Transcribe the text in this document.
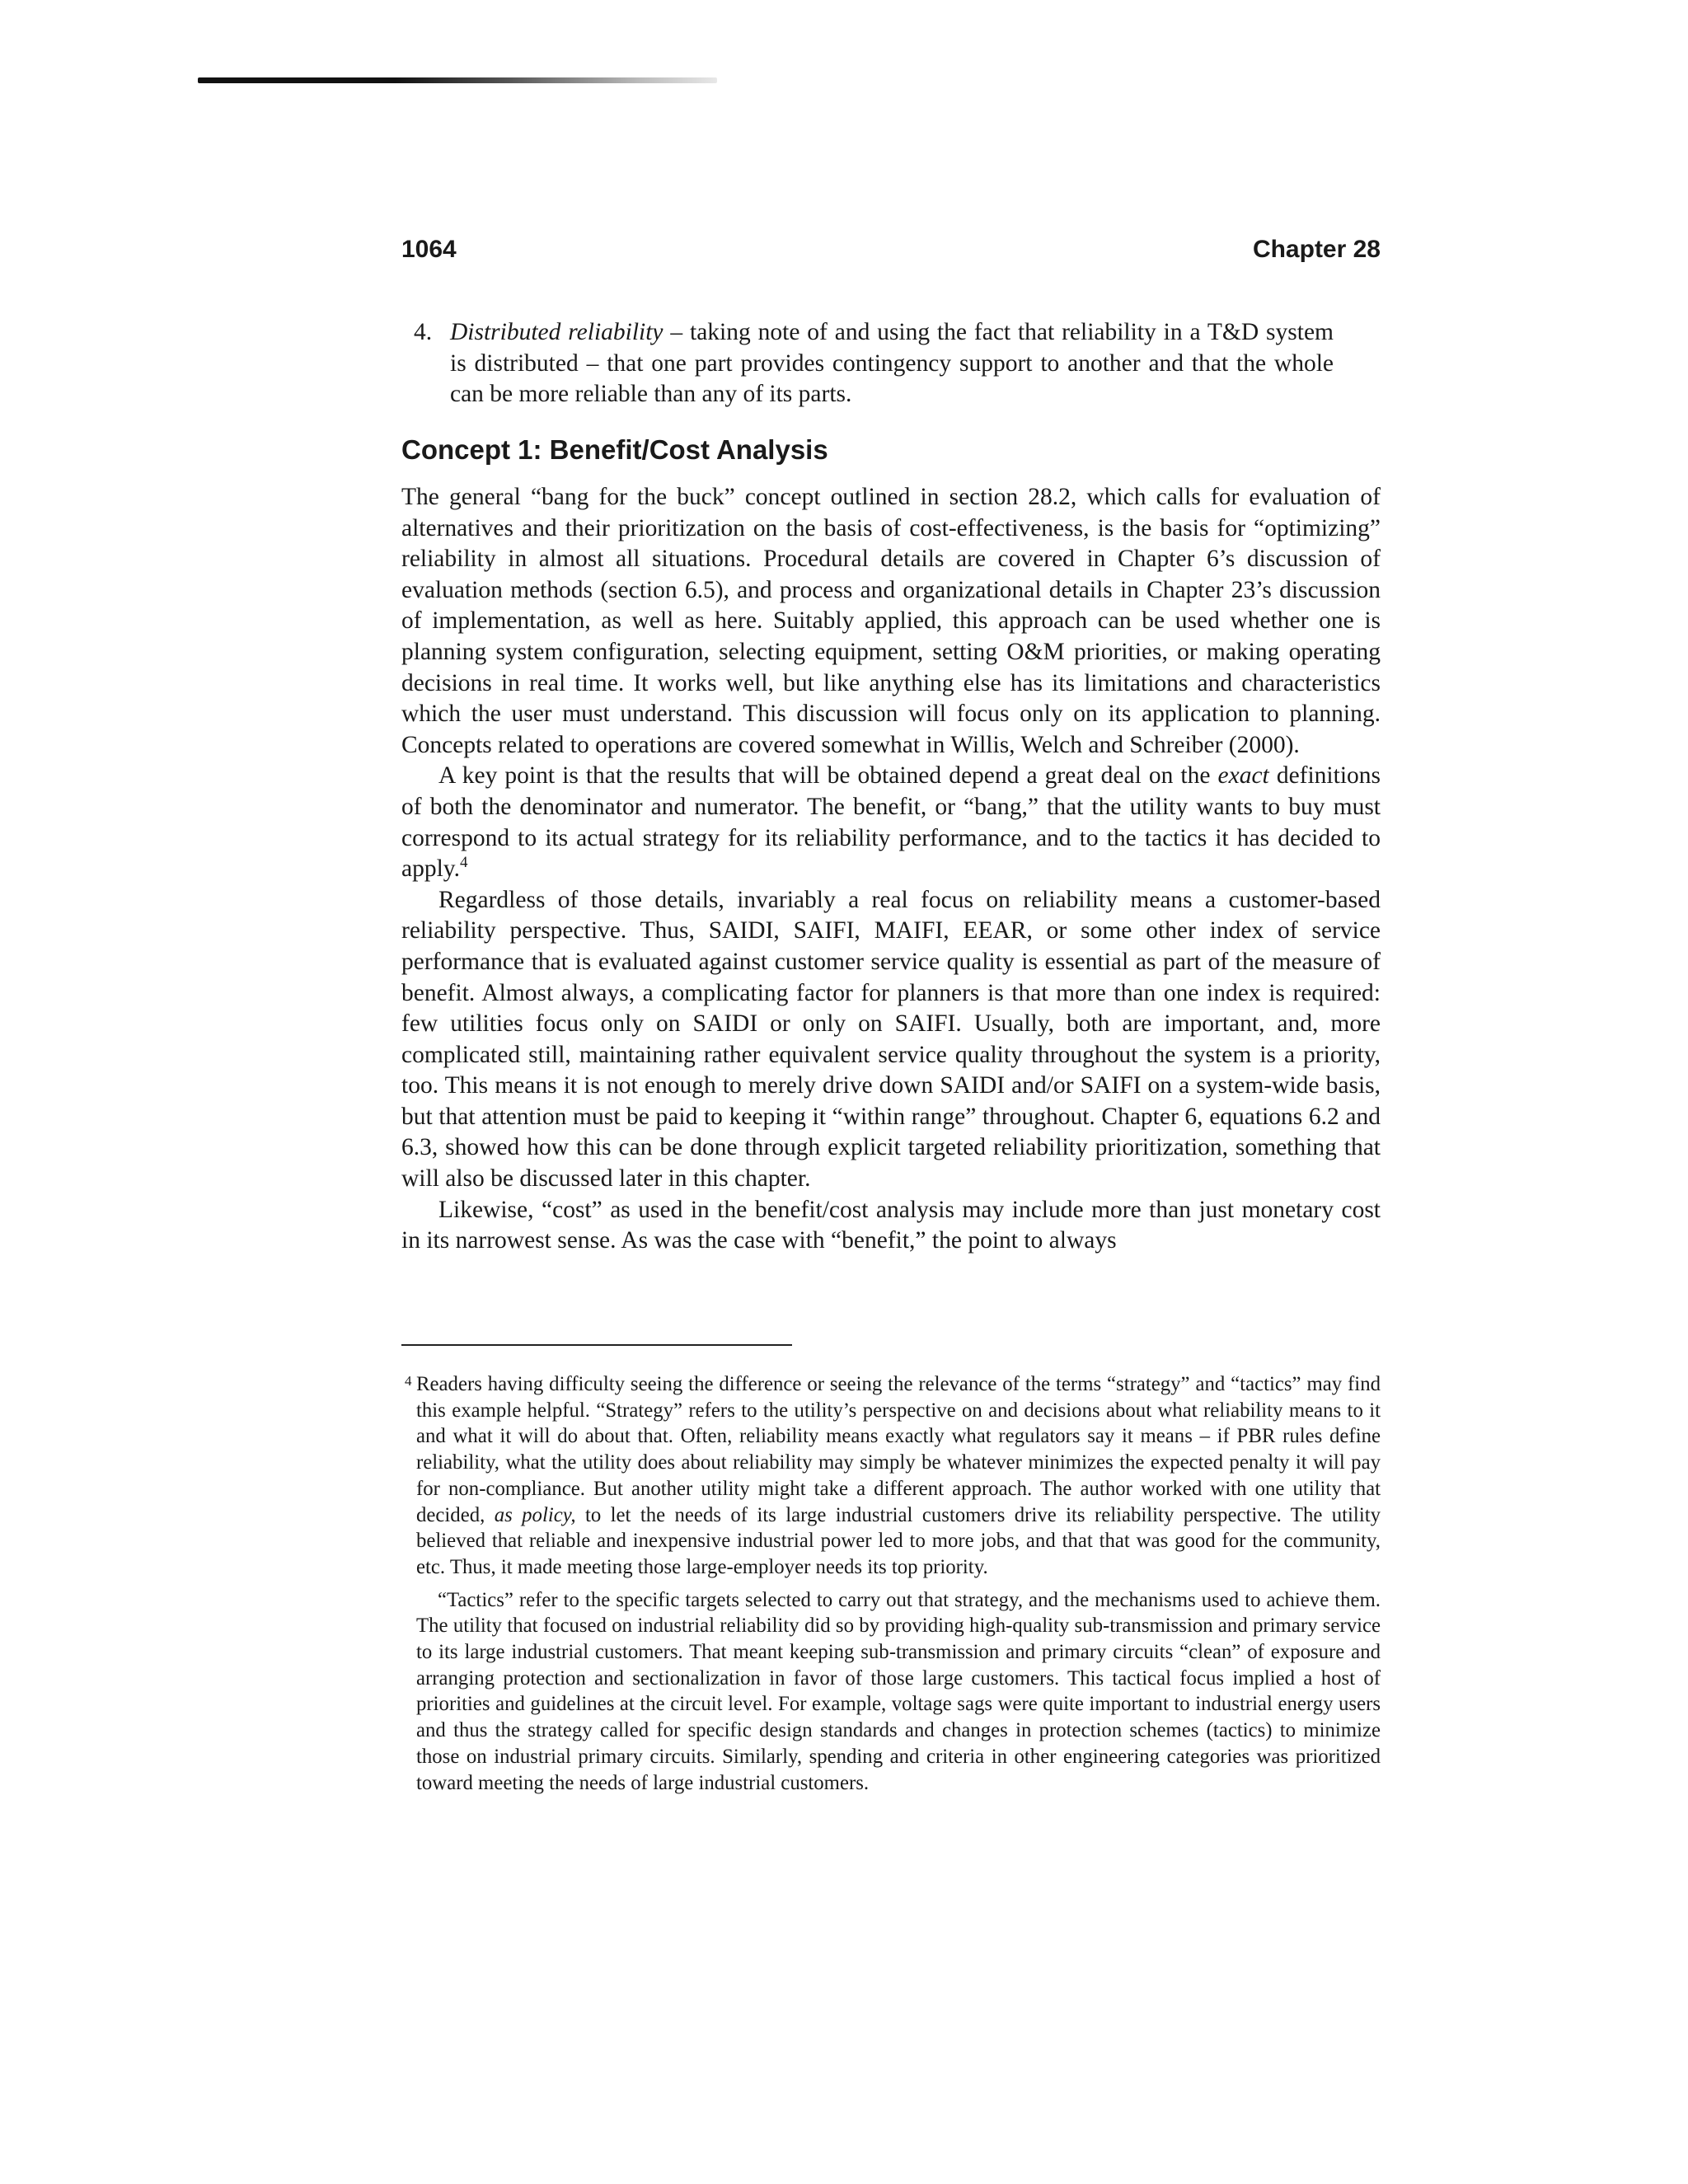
1064	Chapter 28
4. Distributed reliability – taking note of and using the fact that reliability in a T&D system is distributed – that one part provides contingency support to another and that the whole can be more reliable than any of its parts.
Concept 1: Benefit/Cost Analysis

The general “bang for the buck” concept outlined in section 28.2, which calls for evaluation of alternatives and their prioritization on the basis of cost-effectiveness, is the basis for “optimizing” reliability in almost all situations. Procedural details are covered in Chapter 6’s discussion of evaluation methods (section 6.5), and process and organizational details in Chapter 23’s discussion of implementation, as well as here. Suitably applied, this approach can be used whether one is planning system configuration, selecting equipment, setting O&M priorities, or making operating decisions in real time. It works well, but like anything else has its limitations and characteristics which the user must understand. This discussion will focus only on its application to planning. Concepts related to operations are covered somewhat in Willis, Welch and Schreiber (2000).

A key point is that the results that will be obtained depend a great deal on the exact definitions of both the denominator and numerator. The benefit, or “bang,” that the utility wants to buy must correspond to its actual strategy for its reliability performance, and to the tactics it has decided to apply.$^4$

Regardless of those details, invariably a real focus on reliability means a customer-based reliability perspective. Thus, SAIDI, SAIFI, MAIFI, EEAR, or some other index of service performance that is evaluated against customer service quality is essential as part of the measure of benefit. Almost always, a complicating factor for planners is that more than one index is required: few utilities focus only on SAIDI or only on SAIFI. Usually, both are important, and, more complicated still, maintaining rather equivalent service quality throughout the system is a priority, too. This means it is not enough to merely drive down SAIDI and/or SAIFI on a system-wide basis, but that attention must be paid to keeping it “within range” throughout. Chapter 6, equations 6.2 and 6.3, showed how this can be done through explicit targeted reliability prioritization, something that will also be discussed later in this chapter.

Likewise, “cost” as used in the benefit/cost analysis may include more than just monetary cost in its narrowest sense. As was the case with “benefit,” the point to always

4 Readers having difficulty seeing the difference or seeing the relevance of the terms “strategy” and “tactics” may find this example helpful. “Strategy” refers to the utility’s perspective on and decisions about what reliability means to it and what it will do about that. Often, reliability means exactly what regulators say it means – if PBR rules define reliability, what the utility does about reliability may simply be whatever minimizes the expected penalty it will pay for non-compliance. But another utility might take a different approach. The author worked with one utility that decided, as policy, to let the needs of its large industrial customers drive its reliability perspective. The utility believed that reliable and inexpensive industrial power led to more jobs, and that that was good for the community, etc. Thus, it made meeting those large-employer needs its top priority.

“Tactics” refer to the specific targets selected to carry out that strategy, and the mechanisms used to achieve them. The utility that focused on industrial reliability did so by providing high-quality sub-transmission and primary service to its large industrial customers. That meant keeping sub-transmission and primary circuits “clean” of exposure and arranging protection and sectionalization in favor of those large customers. This tactical focus implied a host of priorities and guidelines at the circuit level. For example, voltage sags were quite important to industrial energy users and thus the strategy called for specific design standards and changes in protection schemes (tactics) to minimize those on industrial primary circuits. Similarly, spending and criteria in other engineering categories was prioritized toward meeting the needs of large industrial customers.
